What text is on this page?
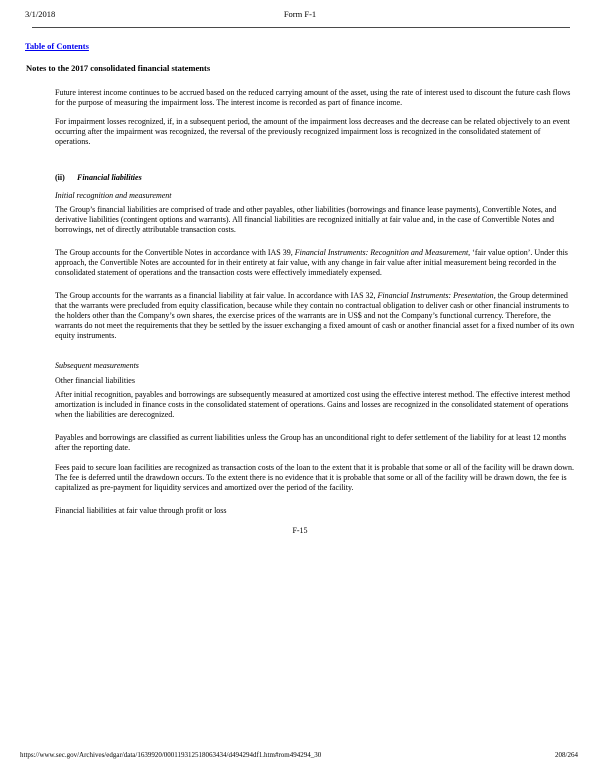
3/1/2018	Form F-1
Table of Contents
Notes to the 2017 consolidated financial statements

Future interest income continues to be accrued based on the reduced carrying amount of the asset, using the rate of interest used to discount the future cash flows for the purpose of measuring the impairment loss. The interest income is recorded as part of finance income.

For impairment losses recognized, if, in a subsequent period, the amount of the impairment loss decreases and the decrease can be related objectively to an event occurring after the impairment was recognized, the reversal of the previously recognized impairment loss is recognized in the consolidated statement of operations.

(ii) Financial liabilities
Initial recognition and measurement

The Group’s financial liabilities are comprised of trade and other payables, other liabilities (borrowings and finance lease payments), Convertible Notes, and derivative liabilities (contingent options and warrants). All financial liabilities are recognized initially at fair value and, in the case of Convertible Notes and borrowings, net of directly attributable transaction costs.

The Group accounts for the Convertible Notes in accordance with IAS 39, Financial Instruments: Recognition and Measurement, ‘fair value option’. Under this approach, the Convertible Notes are accounted for in their entirety at fair value, with any change in fair value after initial measurement being recorded in the consolidated statement of operations and the transaction costs were effectively immediately expensed.

The Group accounts for the warrants as a financial liability at fair value. In accordance with IAS 32, Financial Instruments: Presentation, the Group determined that the warrants were precluded from equity classification, because while they contain no contractual obligation to deliver cash or other financial instruments to the holders other than the Company’s own shares, the exercise prices of the warrants are in US$ and not the Company’s functional currency. Therefore, the warrants do not meet the requirements that they be settled by the issuer exchanging a fixed amount of cash or another financial asset for a fixed number of its own equity instruments.

Subsequent measurements
Other financial liabilities

After initial recognition, payables and borrowings are subsequently measured at amortized cost using the effective interest method. The effective interest method amortization is included in finance costs in the consolidated statement of operations. Gains and losses are recognized in the consolidated statement of operations when the liabilities are derecognized.

Payables and borrowings are classified as current liabilities unless the Group has an unconditional right to defer settlement of the liability for at least 12 months after the reporting date.

Fees paid to secure loan facilities are recognized as transaction costs of the loan to the extent that it is probable that some or all of the facility will be drawn down. The fee is deferred until the drawdown occurs. To the extent there is no evidence that it is probable that some or all of the facility will be drawn down, the fee is capitalized as pre-payment for liquidity services and amortized over the period of the facility.

Financial liabilities at fair value through profit or loss
F-15
https://www.sec.gov/Archives/edgar/data/1639920/000119312518063434/d494294df1.htm#rom494294_30	208/264
